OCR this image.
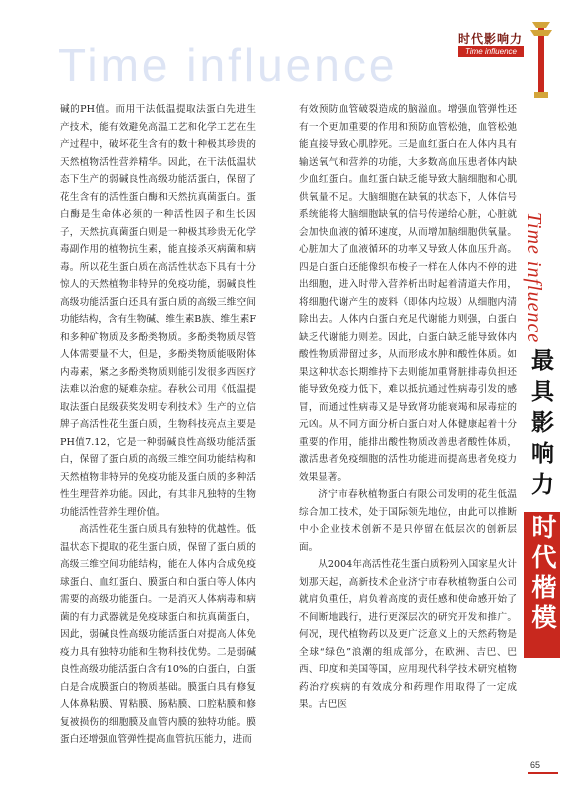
Time influence	时代影响力
Time influence

碱的PH值。而用干法低温提取法蛋白先进生产技术，能有效避免高温工艺和化学工艺在生产过程中，破坏花生含有的数十种极其珍贵的天然植物活性营养精华。因此，在干法低温状态下生产的弱碱良性高级功能活蛋白，保留了花生含有的活性蛋白酶和天然抗真菌蛋白。蛋白酶是生命体必须的一种活性因子和生长因子，天然抗真菌蛋白则是一种极其珍贵无化学毒副作用的植物抗生素，能直接杀灭病菌和病毒。所以花生蛋白质在高活性状态下具有十分惊人的天然植物非特异的免疫功能，弱碱良性高级功能活蛋白还具有蛋白质的高级三维空间功能结构，含有生物碱、维生素B族、维生素F和多种矿物质及多酚类物质。多酚类物质尽管人体需要量不大，但是，多酚类物质能吸附体内毒素，紧之多酚类物质则能引发很多西医疗法难以治愈的疑难杂症。春秋公司用《低温提取法蛋白昆级获奖发明专利技术》生产的立信牌子高活性花生蛋白质，生物科技亮点主要是PH值7.12，它是一种弱碱良性高级功能活蛋白，保留了蛋白质的高级三维空间功能结构和天然植物非特异的免疫功能及蛋白质的多种活性生理营养功能。因此，有其非凡独特的生物功能活性营养生理价值。

高活性花生蛋白质具有独特的优越性。低温状态下提取的花生蛋白质，保留了蛋白质的高级三维空间功能结构，能在人体内合成免疫球蛋白、血红蛋白、膜蛋白和白蛋白等人体内需要的高级功能蛋白。一是消灭人体病毒和病菌的有力武器就是免疫球蛋白和抗真菌蛋白，因此，弱碱良性高级功能活蛋白对提高人体免疫力具有独特功能和生物科技优势。二是弱碱良性高级功能活蛋白含有10%的白蛋白，白蛋白是合成膜蛋白的物质基础。膜蛋白具有修复人体鼻粘膜、胃粘膜、肠粘膜、口腔粘膜和修复被损伤的细胞膜及血管内膜的独特功能。膜蛋白还增强血管弹性提高血管抗压能力，进而

有效预防血管破裂造成的脑溢血。增强血管弹性还有一个更加重要的作用和预防血管松弛，血管松弛能直接导致心肌脖死。三是血红蛋白在人体内具有输送氧气和营养的功能，大多数高血压患者体内缺少血红蛋白。血红蛋白缺乏能导致大脑细胞和心肌供氧量不足。大脑细胞在缺氧的状态下，人体信号系统能将大脑细胞缺氧的信号传递给心脏，心脏就会加快血液的循环速度，从而增加脑细胞供氧量。心脏加大了血液循环的功率又导致人体血压升高。四是白蛋白还能像织布梭子一样在人体内不停的进出细胞，进入时带入营养析出时起着清道夫作用，将细胞代谢产生的废料（即体内垃圾）从细胞内清除出去。人体内白蛋白充足代谢能力则强，白蛋白缺乏代谢能力则差。因此，白蛋白缺乏能导致体内酸性物质滞留过多，从而形成水肿和酸性体质。如果这种状态长期维持下去则能加重肾脏排毒负担还能导致免疫力低下，难以抵抗通过性病毒引发的感冒，而通过性病毒又是导致肾功能衰竭和尿毒症的元凶。从不同方面分析白蛋白对人体健康起着十分重要的作用，能排出酸性物质改善患者酸性体质，激活患者免疫细胞的活性功能进而提高患者免疫力效果显著。

济宁市春秋植物蛋白有限公司发明的花生低温综合加工技术，处于国际领先地位，由此可以推断中小企业技术创新不是只停留在低层次的创新层面。

从2004年高活性花生蛋白质粉列入国家星火计划那天起，高新技术企业济宁市春秋植物蛋白公司就肩负重任，肩负着高度的责任感和使命感开始了不间断地践行，进行更深层次的研究开发和推广。何况，现代植物药以及更广泛意义上的天然药物是全球“绿色”浪潮的组成部分，在欧洲、吉巴、巴西、印度和美国等国，应用现代科学技术研究植物药治疗疾病的有效成分和药理作用取得了一定成果。古巴医

Time influence
最具影响力
时代楷模
65
